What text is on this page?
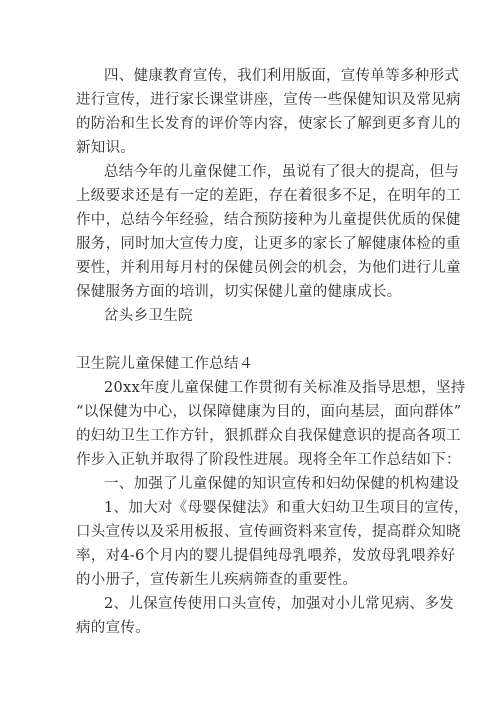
四、健康教育宣传，我们利用版面，宣传单等多种形式
进行宣传，进行家长课堂讲座，宣传一些保健知识及常见病
的防治和生长发育的评价等内容，使家长了解到更多育儿的
新知识。
总结今年的儿童保健工作，虽说有了很大的提高，但与
上级要求还是有一定的差距，存在着很多不足，在明年的工
作中，总结今年经验，结合预防接种为儿童提供优质的保健
服务，同时加大宣传力度，让更多的家长了解健康体检的重
要性，并利用每月村的保健员例会的机会，为他们进行儿童
保健服务方面的培训，切实保健儿童的健康成长。
岔头乡卫生院
卫生院儿童保健工作总结４
20xx年度儿童保健工作贯彻有关标准及指导思想，坚持
“以保健为中心，以保障健康为目的，面向基层，面向群体”
的妇幼卫生工作方针，狠抓群众自我保健意识的提高各项工
作步入正轨并取得了阶段性进展。现将全年工作总结如下：
一、加强了儿童保健的知识宣传和妇幼保健的机构建设
1、加大对《母婴保健法》和重大妇幼卫生项目的宣传，
口头宣传以及采用板报、宣传画资料来宣传，提高群众知晓
率，对4-6个月内的婴儿提倡纯母乳喂养，发放母乳喂养好
的小册子，宣传新生儿疾病筛查的重要性。
2、儿保宣传使用口头宣传，加强对小儿常见病、多发
病的宣传。
